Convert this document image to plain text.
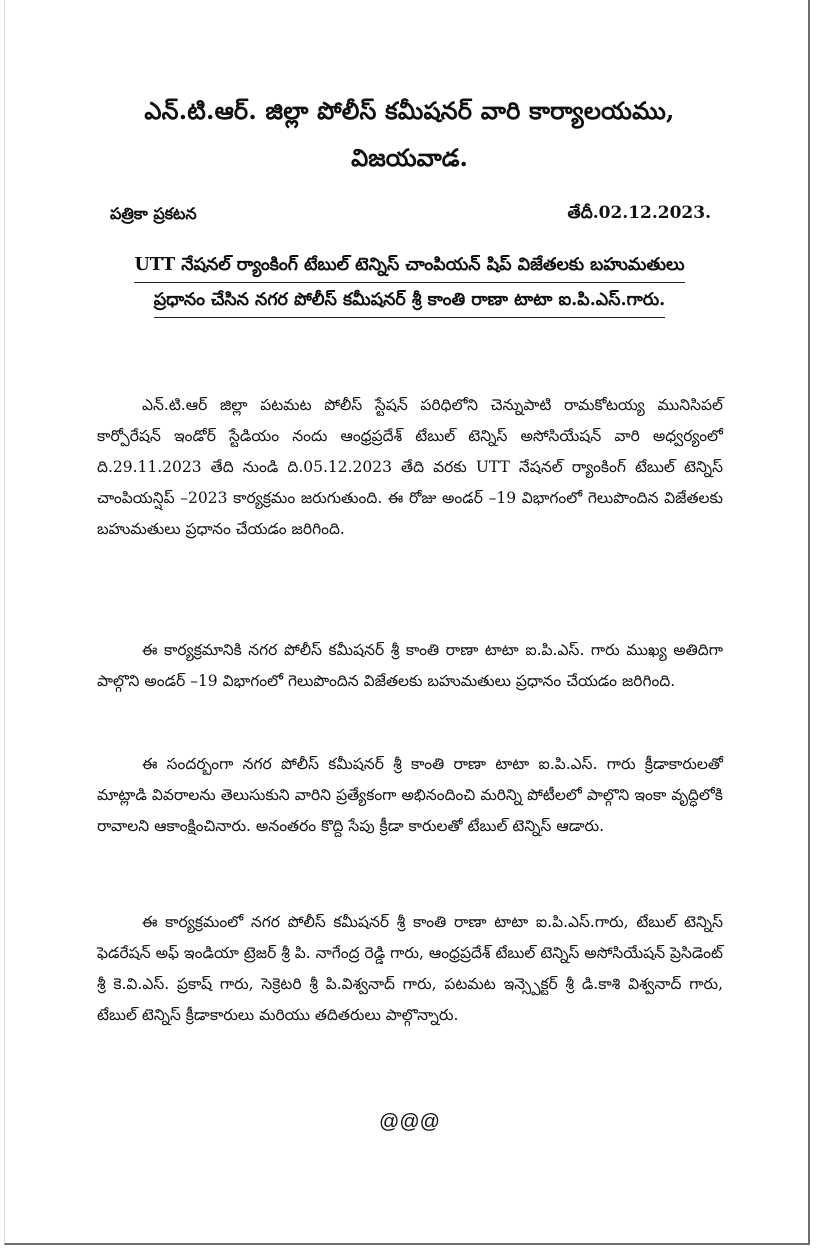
ఎన్.టి.ఆర్. జిల్లా పోలీస్ కమీషనర్ వారి కార్యాలయము,
విజయవాడ.
పత్రికా ప్రకటన	తేదీ.02.12.2023.
UTT నేషనల్ ర్యాంకింగ్ టేబుల్ టెన్నిస్ చాంపియన్ షిప్ విజేతలకు బహుమతులు
ప్రధానం చేసిన నగర పోలీస్ కమీషనర్ శ్రీ కాంతి రాణా టాటా ఐ.పి.ఎస్.గారు.

ఎన్.టి.ఆర్ జిల్లా పటమట పోలీస్ స్టేషన్ పరిధిలోని చెన్నుపాటి రామకోటయ్య మునిసిపల్ కార్పోరేషన్ ఇండోర్ స్టేడియం నందు ఆంధ్రప్రదేశ్ టేబుల్ టెన్నిస్ అసోసియేషన్ వారి అధ్వర్యంలో ది.29.11.2023 తేది నుండి ది.05.12.2023 తేది వరకు UTT నేషనల్ ర్యాంకింగ్ టేబుల్ టెన్నిస్ చాంపియన్షిప్ –2023 కార్యక్రమం జరుగుతుంది. ఈ రోజు అండర్ –19 విభాగంలో గెలుపొందిన విజేతలకు బహుమతులు ప్రధానం చేయడం జరిగింది.

ఈ కార్యక్రమానికి నగర పోలీస్ కమీషనర్ శ్రీ కాంతి రాణా టాటా ఐ.పి.ఎస్. గారు ముఖ్య అతిదిగా పాల్గొని అండర్ –19 విభాగంలో గెలుపొందిన విజేతలకు బహుమతులు ప్రధానం చేయడం జరిగింది.

ఈ సందర్బంగా నగర పోలీస్ కమీషనర్ శ్రీ కాంతి రాణా టాటా ఐ.పి.ఎస్. గారు క్రీడాకారులతో మాట్లాడి వివరాలను తెలుసుకుని వారిని ప్రత్యేకంగా అభినందించి మరిన్ని పోటీలలో పాల్గొని ఇంకా వృద్ధిలోకి రావాలని ఆకాంక్షించినారు. అనంతరం కొద్ది సేపు క్రీడా కారులతో టేబుల్ టెన్నిస్ ఆడారు.

ఈ కార్యక్రమంలో నగర పోలీస్ కమీషనర్ శ్రీ కాంతి రాణా టాటా ఐ.పి.ఎస్.గారు, టేబుల్ టెన్నిస్ ఫెడరేషన్ అఫ్ ఇండియా ట్రెజర్ శ్రీ పి. నాగేంద్ర రెడ్డి గారు, ఆంధ్రప్రదేశ్ టేబుల్ టెన్నిస్ అసోసియేషన్ ప్రెసిడెంట్ శ్రీ కె.వి.ఎస్. ప్రకాష్ గారు, సెక్రెటరి శ్రీ పి.విశ్వనాద్ గారు, పటమట ఇన్స్పెక్టర్ శ్రీ డి.కాశి విశ్వనాద్ గారు, టేబుల్ టెన్నిస్ క్రీడాకారులు మరియు తదితరులు పాల్గొన్నారు.

@@@
